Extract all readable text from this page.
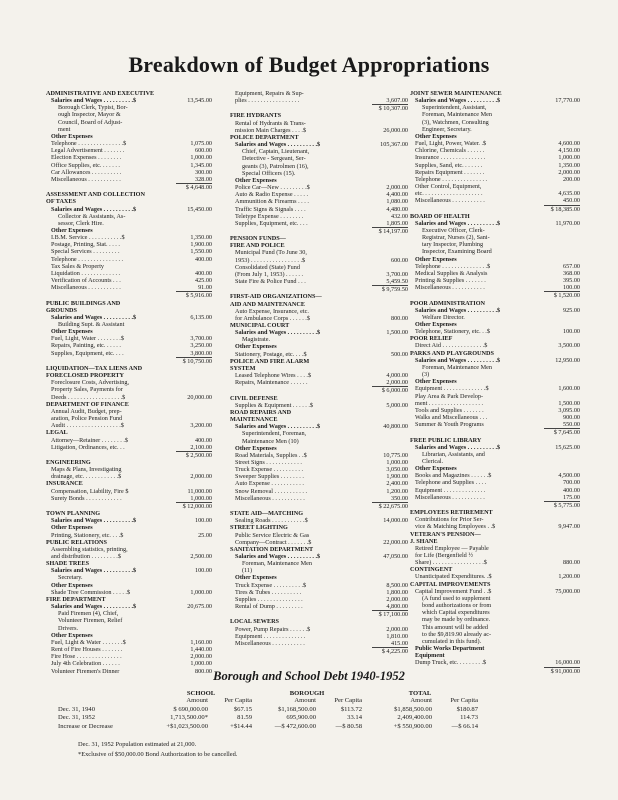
Breakdown of Budget Appropriations
ADMINISTRATIVE AND EXECUTIVE
Salaries and Wages . . . . . . . . . .$	13,545.00
Borough Clerk, Typist, Bor-
ough Inspector, Mayor &
Council, Board of Adjust-
ment
Other Expenses
Telephone . . . . . . . . . . . . . . .$	1,075.00
Legal Advertisement . . . . . . .	600.00
Election Expenses . . . . . . . .	1,000.00
Office Supplies, etc. . . . . . .	1,345.00
Car Allowances . . . . . . . . . .	300.00
Miscellaneous . . . . . . . . . . .	328.00
$ 4,648.00
ASSESSMENT AND COLLECTION
OF TAXES
Salaries and Wages . . . . . . . . . .$	15,450.00
Collector & Assistants, As-
sessor, Clerk Hire.
Other Expenses
I.B.M. Service . . . . . . . . . . .$	1,350.00
Postage, Printing, Stat. . . . .	1,900.00
Special Services . . . . . . . . .	1,550.00
Telephone . . . . . . . . . . . . . . .	400.00
Tax Sales & Property
Liquidation . . . . . . . . . . . . .	400.00
Verification of Accounts . . .	425.00
Miscellaneous . . . . . . . . . . .	91.00
$ 5,916.00
PUBLIC BUILDINGS AND
GROUNDS
Salaries and Wages . . . . . . . . . .$	6,135.00
Building Supt. & Assistant
Other Expenses
Fuel, Light, Water . . . . . . . .$	3,700.00
Repairs, Painting, etc. . . . . .	3,250.00
Supplies, Equipment, etc. . . .	3,800.00
$ 10,750.00
LIQUIDATION—TAX LIENS AND
FORECLOSED PROPERTY
Foreclosure Costs, Advertising,
Property Sales, Payments for
Deeds . . . . . . . . . . . . . . . . . .$	20,000.00
DEPARTMENT OF FINANCE
Annual Audit, Budget, prep-
aration, Police Pension Fund
Audit . . . . . . . . . . . . . . . . . .$	3,200.00
LEGAL
Attorney—Retainer . . . . . . . .$	400.00
Litigation, Ordinances, etc. . .	2,100.00
$ 2,500.00
ENGINEERING
Maps & Plans, Investigating
drainage, etc. . . . . . . . . . . .$	2,000.00
INSURANCE
Compensation, Liability, Fire $	11,000.00
Surety Bonds . . . . . . . . . . . .	1,000.00
$ 12,000.00
TOWN PLANNING
Salaries and Wages . . . . . . . . . .$	100.00
Other Expenses
Printing, Stationery, etc. . . .$	25.00
PUBLIC RELATIONS
Assembling statistics, printing,
and distribution . . . . . . . . .$	2,500.00
SHADE TREES
Salaries and Wages . . . . . . . . . .$	100.00
Secretary.
Other Expenses
Shade Tree Commission . . . . .$	1,000.00
FIRE DEPARTMENT
Salaries and Wages . . . . . . . . . .$	20,675.00
Paid Firemen (4), Chief,
Volunteer Firemen, Relief
Drivers.
Other Expenses
Fuel, Light & Water . . . . . . .$	1,160.00
Rent of Fire Houses . . . . . . .	1,440.00
Fire Hose . . . . . . . . . . . . . . .	2,000.00
July 4th Celebration . . . . . .	1,000.00
Volunteer Firemen's Dinner	800.00
Equipment, Repairs & Sup-
plies . . . . . . . . . . . . . . . . .	3,607.00
$ 10,307.00
FIRE HYDRANTS
Rental of Hydrants & Trans-
mission Main Charges . . . .$	26,000.00
POLICE DEPARTMENT
Salaries and Wages . . . . . . . . . .$	105,367.00
Chief, Captain, Lieutenant,
Detective - Sergeant, Ser-
geants (3), Patrolmen (16),
Special Officers (15).
Other Expenses
Police Car—New . . . . . . . . .$	2,000.00
Auto & Radio Expense . . . . .	4,400.00
Ammunition & Firearms . . . .	1,080.00
Traffic Signs & Signals . . . .	4,480.00
Teletype Expense . . . . . . . .	432.00
Supplies, Equipment, etc. . . .	1,805.00
$ 14,197.00
PENSION FUNDS—
FIRE AND POLICE
Municipal Fund (To June 30,
1953) . . . . . . . . . . . . . . . . .$	600.00
Consolidated (State) Fund
(From July 1, 1953) . . . . . .	3,700.00
State Fire & Police Fund . . .	5,459.50
$ 9,759.50
FIRST-AID ORGANIZATIONS—
AID AND MAINTENANCE
Auto Expense, Insurance, etc.
for Ambulance Corps . . . . . .$	800.00
MUNICIPAL COURT
Salaries and Wages . . . . . . . . . .$	1,500.00
Magistrate.
Other Expenses
Stationery, Postage, etc. . . .$	500.00
POLICE AND FIRE ALARM
SYSTEM
Leased Telephone Wires . . . .$	4,000.00
Repairs, Maintenance . . . . . .	2,000.00
$ 6,000.00
CIVIL DEFENSE
Supplies & Equipment . . . . . .$	5,000.00
ROAD REPAIRS AND
MAINTENANCE
Salaries and Wages . . . . . . . . . .$	40,800.00
Superintendent, Foreman,
Maintenance Men (10)
Other Expenses
Road Materials, Supplies . .$	10,775.00
Street Signs . . . . . . . . . . . .	1,000.00
Truck Expense . . . . . . . . . .	3,050.00
Sweeper Supplies . . . . . . . .	1,900.00
Auto Expense . . . . . . . . . . .	2,400.00
Snow Removal . . . . . . . . . . .	1,200.00
Miscellaneous . . . . . . . . . . .	350.00
$ 22,675.00
STATE AID—MATCHING
Sealing Roads . . . . . . . . . . .$	14,000.00
STREET LIGHTING
Public Service Electric & Gas
Company—Contract . . . . . . .$	22,000.00
SANITATION DEPARTMENT
Salaries and Wages . . . . . . . . . .$	47,050.00
Foreman, Maintenance Men
(11)
Other Expenses
Truck Expense . . . . . . . . . .$	8,500.00
Tires & Tubes . . . . . . . . . .	1,800.00
Supplies . . . . . . . . . . . . . . .	2,000.00
Rental of Dump . . . . . . . . .	4,800.00
$ 17,100.00
LOCAL SEWERS
Power, Pump Repairs . . . . . .$	2,000.00
Equipment . . . . . . . . . . . . . .	1,810.00
Miscellaneous . . . . . . . . . . .	415.00
$ 4,225.00
JOINT SEWER MAINTENANCE
Salaries and Wages . . . . . . . . . .$	17,770.00
Superintendent, Assistant,
Foreman, Maintenance Men
(3), Watchmen, Consulting
Engineer, Secretary.
Other Expenses
Fuel, Light, Power, Water. .$	4,600.00
Chlorine, Chemicals . . . . . .	4,150.00
Insurance . . . . . . . . . . . . . . .	1,000.00
Supplies, Sand, etc. . . . . . .	1,350.00
Repairs Equipment . . . . . . .	2,000.00
Telephone . . . . . . . . . . . . . . .	200.00
Other Control, Equipment,
etc. . . . . . . . . . . . . . . . . . . .	4,635.00
Miscellaneous . . . . . . . . . . .	450.00
$ 18,385.00
BOARD OF HEALTH
Salaries and Wages . . . . . . . . . .$	11,970.00
Executive Officer, Clerk-
Registrar, Nurses (2), Sani-
tary Inspector, Plumbing
Inspector, Examining Board
Other Expenses
Telephone . . . . . . . . . . . . . . .$	657.00
Medical Supplies & Analysis	368.00
Printing & Supplies . . . . . . .	395.00
Miscellaneous . . . . . . . . . . .	100.00
$ 1,520.00
POOR ADMINISTRATION
Salaries and Wages . . . . . . . . . .$	925.00
Welfare Director.
Other Expenses
Telephone, Stationery, etc. . .$	100.00
POOR RELIEF
Direct Aid . . . . . . . . . . . . . .$	3,500.00
PARKS AND PLAYGROUNDS
Salaries and Wages . . . . . . . . . .$	12,950.00
Foreman, Maintenance Men
(3)
Other Expenses
Equipment . . . . . . . . . . . . . .$	1,600.00
Play Area & Park Develop-
ment . . . . . . . . . . . . . . . . . .	1,500.00
Tools and Supplies . . . . . . .	3,095.00
Walks and Miscellaneous . . .	900.00
Summer & Youth Programs	550.00
$ 7,645.00
FREE PUBLIC LIBRARY
Salaries and Wages . . . . . . . . . .$	15,625.00
Librarian, Assistants, and
Clerical.
Other Expenses
Books and Magazines . . . . . .$	4,500.00
Telephone and Supplies . . . .	700.00
Equipment . . . . . . . . . . . . . .	400.00
Miscellaneous . . . . . . . . . . .	175.00
$ 5,775.00
EMPLOYEES RETIREMENT
Contributions for Prior Ser-
vice & Matching Employees . .$	9,947.00
VETERAN'S PENSION—
J. SHANE
Retired Employee — Payable
for Life (Bergenfield ½
Share) . . . . . . . . . . . . . . . . .$	880.00
CONTINGENT
Unanticipated Expenditures. .$	1,200.00
CAPITAL IMPROVEMENTS
Capital Improvement Fund . .$	75,000.00
(A fund used to supplement
bond authorizations or from
which Capital expenditures
may be made by ordinance.
This amount will be added
to the $9,819.90 already ac-
cumulated in this fund).
Public Works Department
Equipment
Dump Truck, etc. . . . . . . . .$	16,000.00
$ 91,000.00
Borough and School Debt 1940-1952
SCHOOL	BOROUGH	TOTAL
Amount	Per Capita	Amount	Per Capita	Amount	Per Capita
Dec. 31, 1940	$ 690,000.00	$67.15	$1,168,500.00	$113.72	$1,858,500.00	$180.87
Dec. 31, 1952	1,713,500.00*	81.59	695,900.00	33.14	2,409,400.00	114.73
Increase or Decrease	+$1,023,500.00	+$14.44	—$ 472,600.00	—$ 80.58	+$ 550,900.00	—$ 66.14
Dec. 31, 1952 Population estimated at 21,000.
*Exclusive of $50,000.00 Bond Authorization to be cancelled.
